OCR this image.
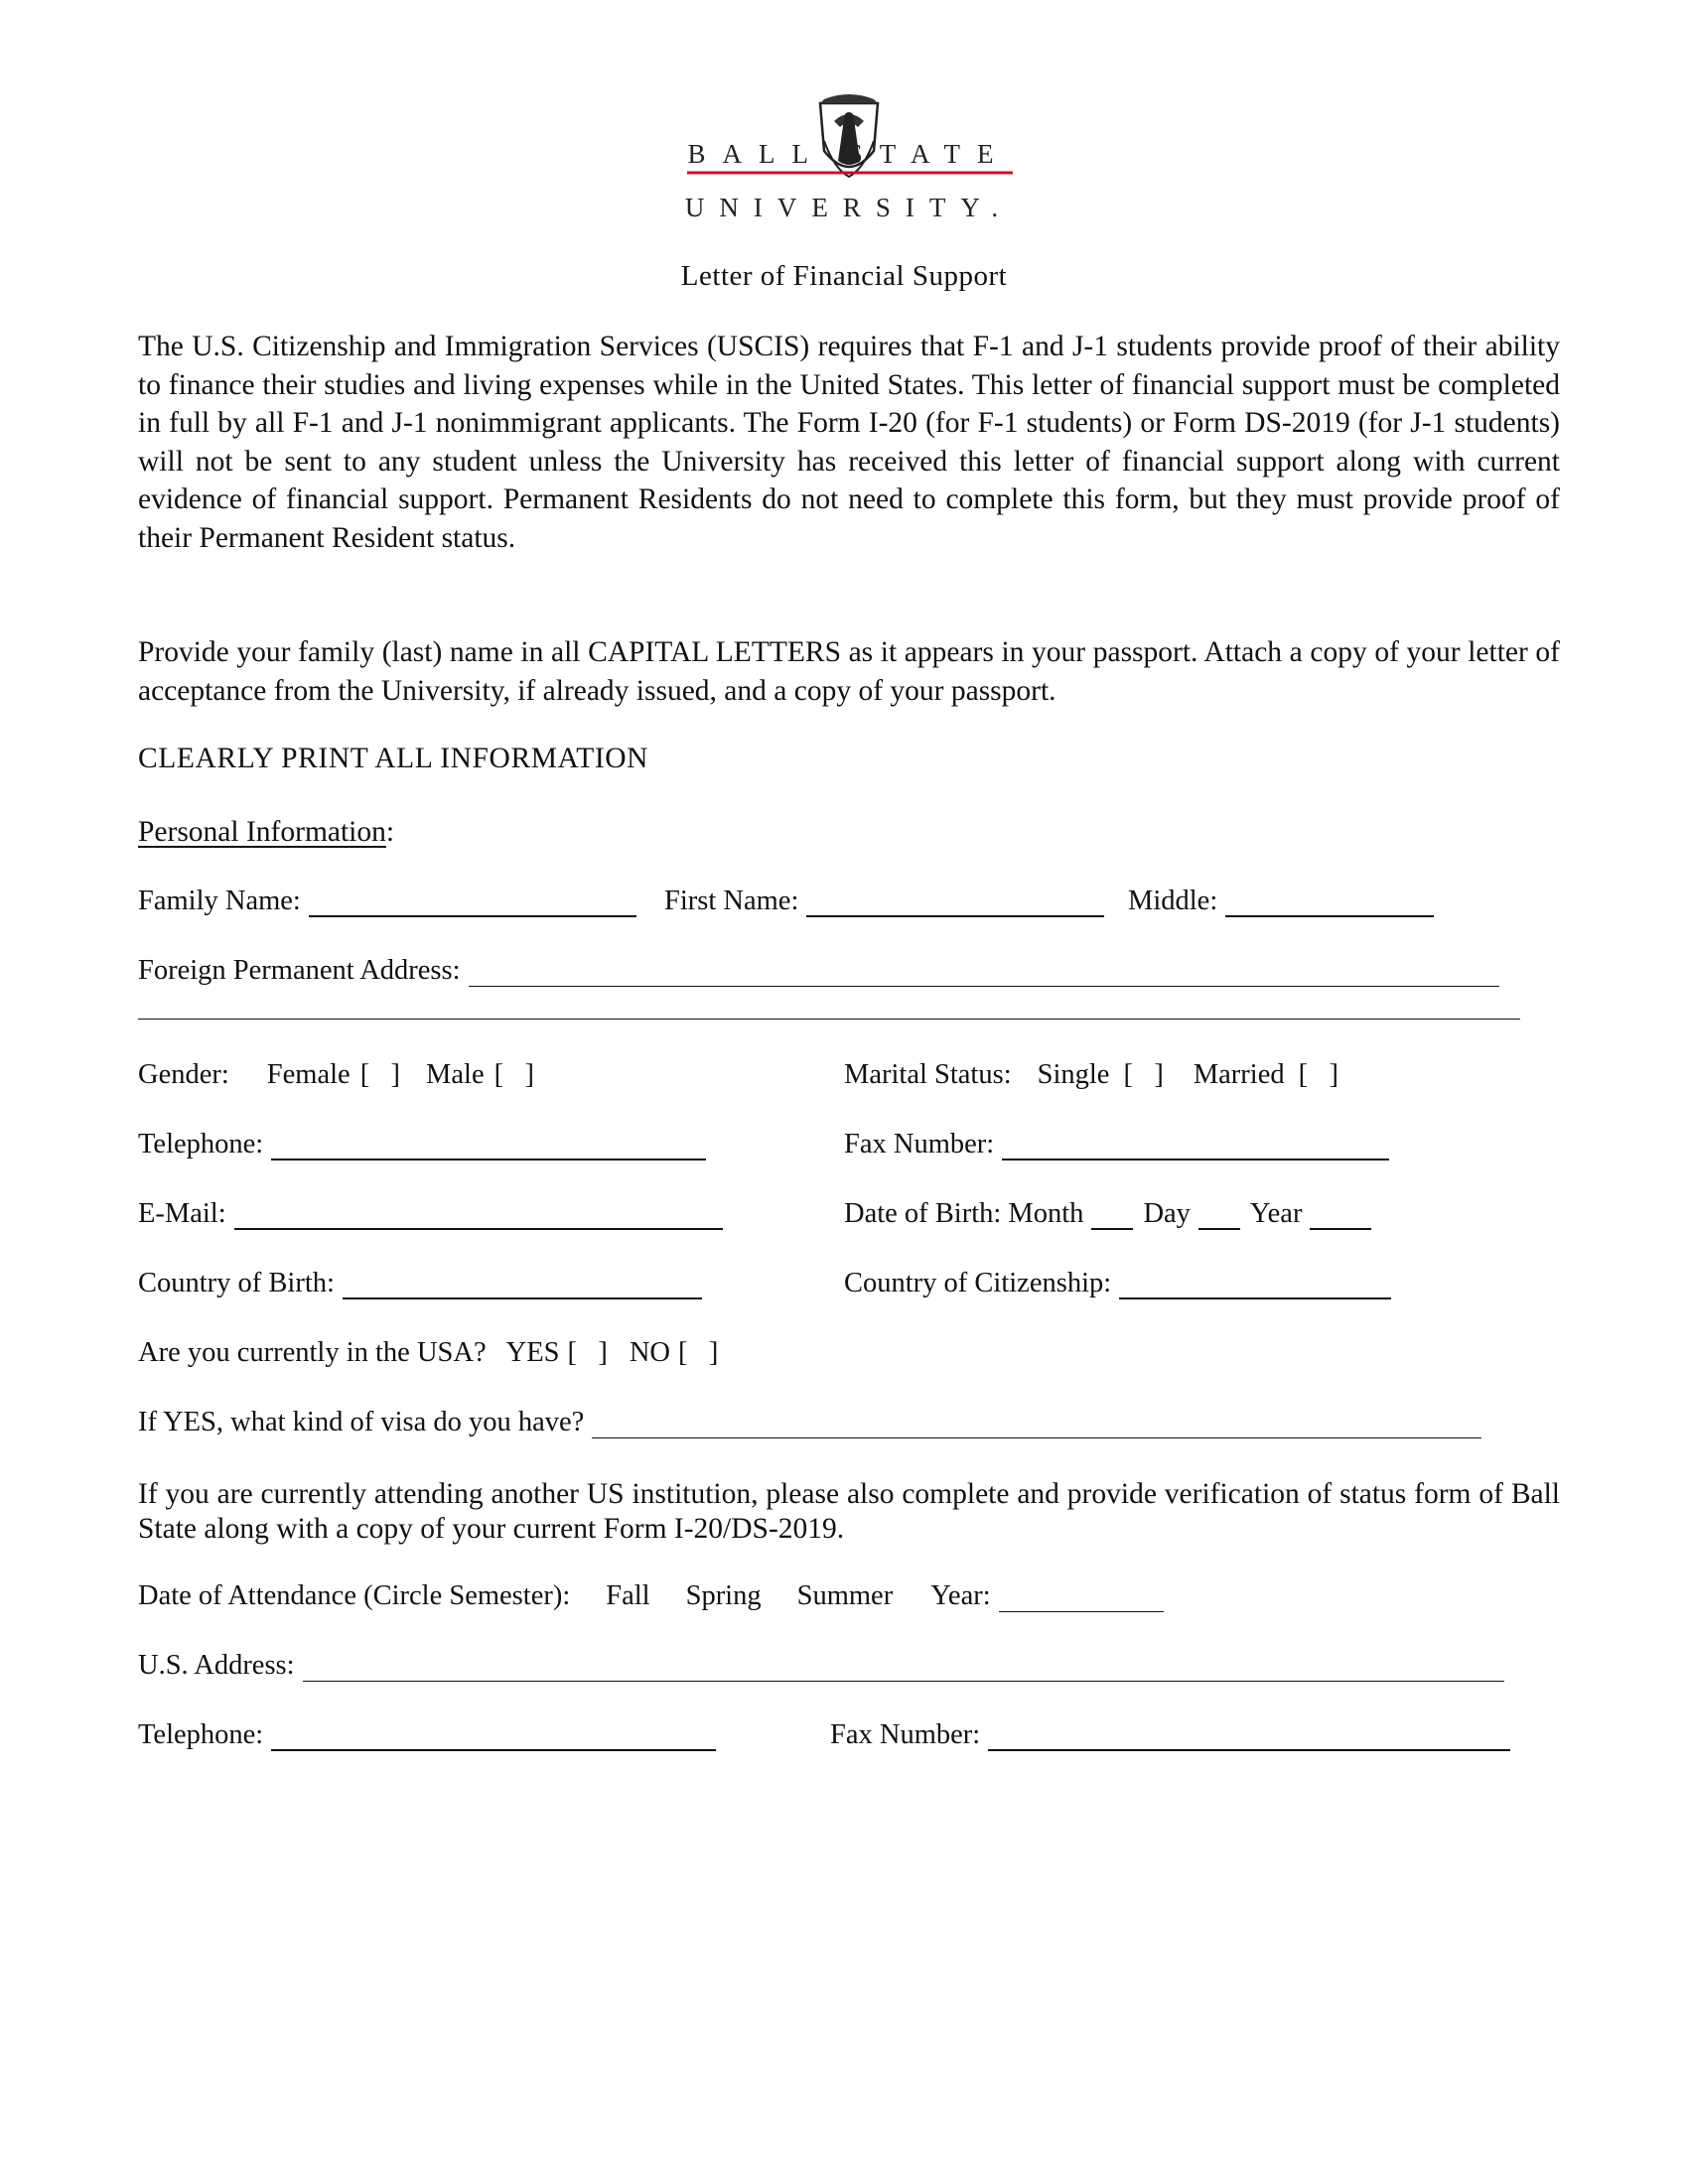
BALL STATE
UNIVERSITY.
Letter of Financial Support
The U.S. Citizenship and Immigration Services (USCIS) requires that F-1 and J-1 students provide proof of their ability to finance their studies and living expenses while in the United States. This letter of financial support must be completed in full by all F-1 and J-1 nonimmigrant applicants. The Form I-20 (for F-1 students) or Form DS-2019 (for J-1 students) will not be sent to any student unless the University has received this letter of financial support along with current evidence of financial support. Permanent Residents do not need to complete this form, but they must provide proof of their Permanent Resident status.
Provide your family (last) name in all CAPITAL LETTERS as it appears in your passport. Attach a copy of your letter of acceptance from the University, if already issued, and a copy of your passport.
CLEARLY PRINT ALL INFORMATION
Personal Information:
Family Name:	First Name:	Middle:
Foreign Permanent Address:
Gender: Female [   ] Male [   ]	Marital Status: Single [   ] Married [   ]
Telephone:	Fax Number:
E-Mail:	Date of Birth: Month Day Year
Country of Birth:	Country of Citizenship:
Are you currently in the USA? YES [   ] NO [   ]
If YES, what kind of visa do you have?
If you are currently attending another US institution, please also complete and provide verification of status form of Ball State along with a copy of your current Form I-20/DS-2019.
Date of Attendance (Circle Semester): Fall Spring Summer Year:
U.S. Address:
Telephone:	Fax Number:
